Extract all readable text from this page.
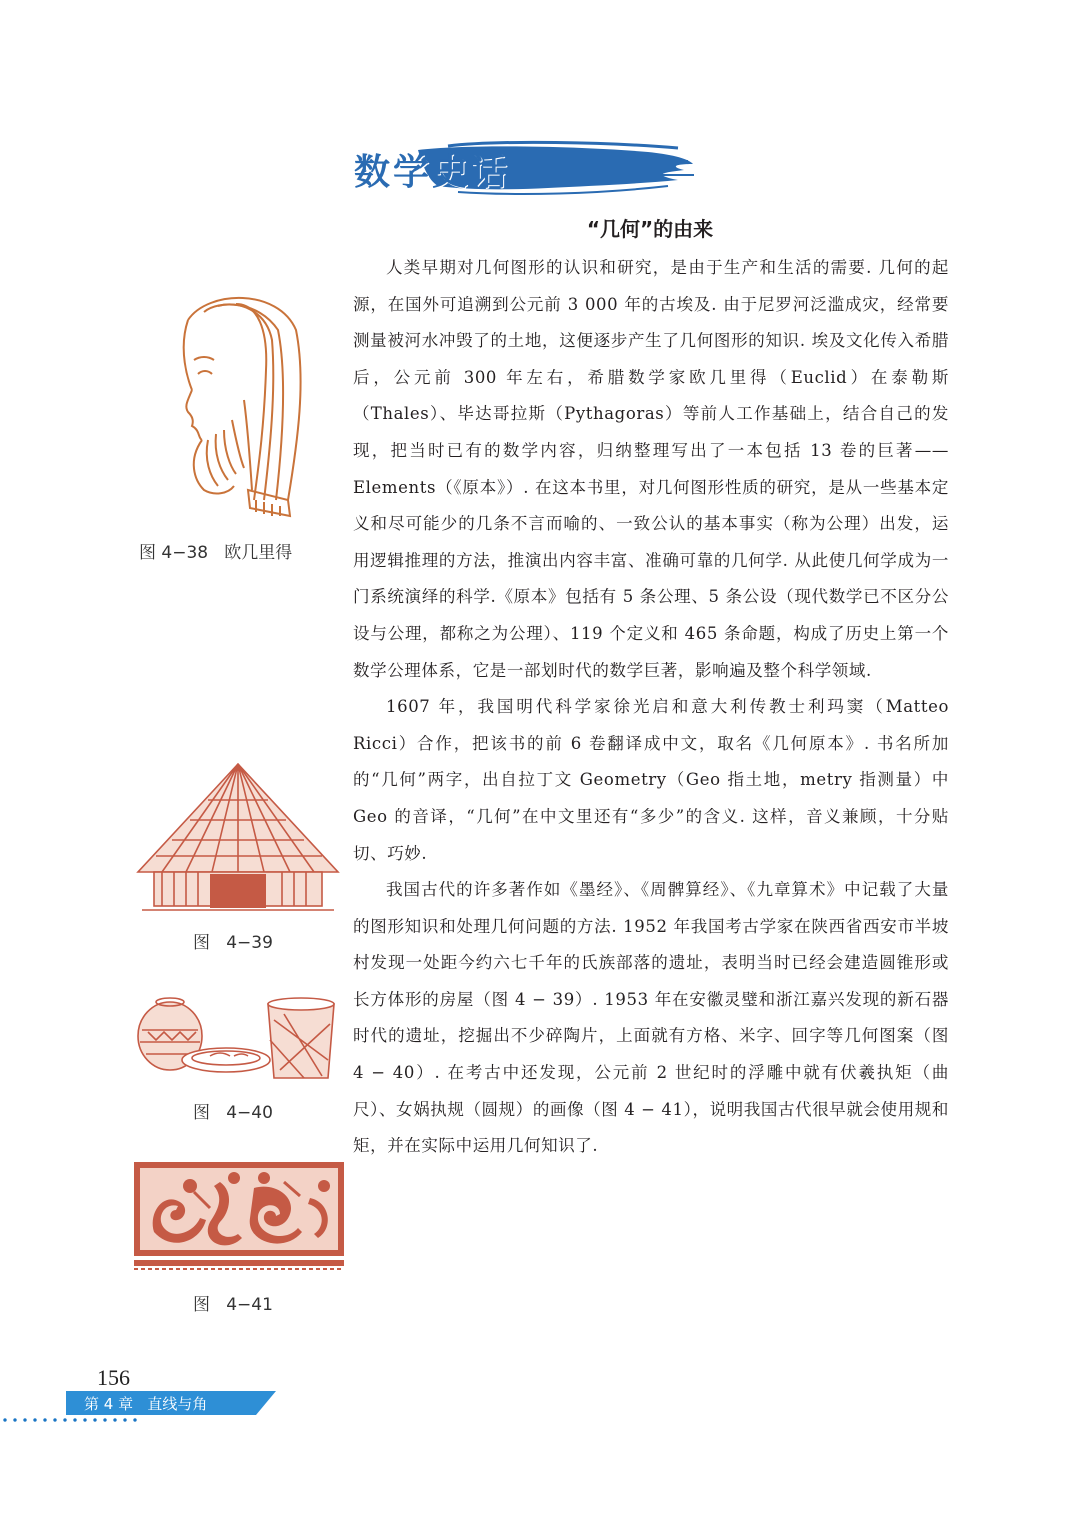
数学史话
“几何”的由来

人类早期对几何图形的认识和研究，是由于生产和生活的需要. 几何的起源，在国外可追溯到公元前 3 000 年的古埃及. 由于尼罗河泛滥成灾，经常要测量被河水冲毁了的土地，这便逐步产生了几何图形的知识. 埃及文化传入希腊后，公元前 300 年左右，希腊数学家欧几里得（Euclid）在泰勒斯（Thales）、毕达哥拉斯（Pythagoras）等前人工作基础上，结合自己的发现，把当时已有的数学内容，归纳整理写出了一本包括 13 卷的巨著——Elements（《原本》）. 在这本书里，对几何图形性质的研究，是从一些基本定义和尽可能少的几条不言而喻的、一致公认的基本事实（称为公理）出发，运用逻辑推理的方法，推演出内容丰富、准确可靠的几何学. 从此使几何学成为一门系统演绎的科学.《原本》包括有 5 条公理、5 条公设（现代数学已不区分公设与公理，都称之为公理）、119 个定义和 465 条命题，构成了历史上第一个数学公理体系，它是一部划时代的数学巨著，影响遍及整个科学领域.

1607 年，我国明代科学家徐光启和意大利传教士利玛窦（Matteo Ricci）合作，把该书的前 6 卷翻译成中文，取名《几何原本》. 书名所加的“几何”两字，出自拉丁文 Geometry（Geo 指土地，metry 指测量）中 Geo 的音译，“几何”在中文里还有“多少”的含义. 这样，音义兼顾，十分贴切、巧妙.

我国古代的许多著作如《墨经》、《周髀算经》、《九章算术》中记载了大量的图形知识和处理几何问题的方法. 1952 年我国考古学家在陕西省西安市半坡村发现一处距今约六七千年的氏族部落的遗址，表明当时已经会建造圆锥形或长方体形的房屋（图 4 − 39）. 1953 年在安徽灵璧和浙江嘉兴发现的新石器时代的遗址，挖掘出不少碎陶片，上面就有方格、米字、回字等几何图案（图 4 − 40）. 在考古中还发现，公元前 2 世纪时的浮雕中就有伏羲执矩（曲尺）、女娲执规（圆规）的画像（图 4 − 41），说明我国古代很早就会使用规和矩，并在实际中运用几何知识了.

图 4−38   欧几里得
图   4−39
图   4−40
图   4−41
156
第 4 章   直线与角
